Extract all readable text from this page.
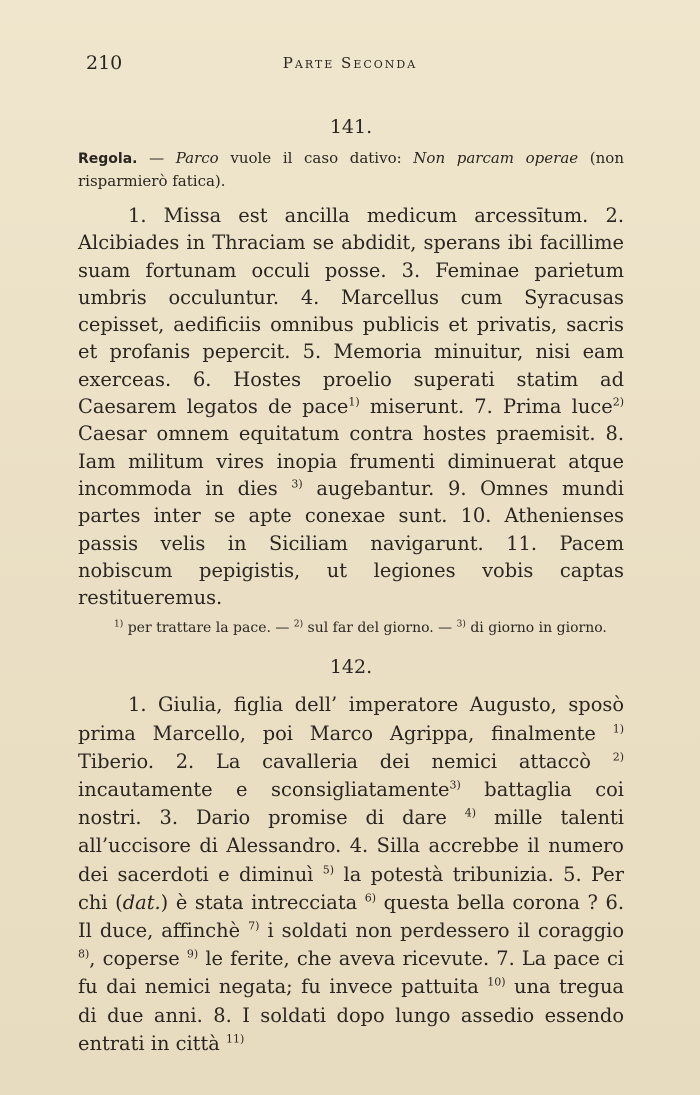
210	Parte Seconda
141.

Regola. — Parco vuole il caso dativo: Non parcam operae (non risparmierò fatica).

1. Missa est ancilla medicum arcessītum. 2. Alcibiades in Thraciam se abdidit, sperans ibi facillime suam fortunam occuli posse. 3. Feminae parietum umbris occuluntur. 4. Marcellus cum Syracusas cepisset, aedificiis omnibus publicis et privatis, sacris et profanis pepercit. 5. Memoria minuitur, nisi eam exerceas. 6. Hostes proelio superati statim ad Caesarem legatos de pace$^{1)}$ miserunt. 7. Prima luce$^{2)}$ Caesar omnem equitatum contra hostes praemisit. 8. Iam militum vires inopia frumenti diminuerat atque incommoda in dies $^{3)}$ augebantur. 9. Omnes mundi partes inter se apte conexae sunt. 10. Athenienses passis velis in Siciliam navigarunt. 11. Pacem nobiscum pepigistis, ut legiones vobis captas restitueremus.

$^{1)}$ per trattare la pace. — $^{2)}$ sul far del giorno. — $^{3)}$ di giorno in giorno.

142.

1. Giulia, figlia dell’ imperatore Augusto, sposò prima Marcello, poi Marco Agrippa, finalmente $^{1)}$ Tiberio. 2. La cavalleria dei nemici attaccò $^{2)}$ incautamente e sconsigliatamente$^{3)}$ battaglia coi nostri. 3. Dario promise di dare $^{4)}$ mille talenti all’uccisore di Alessandro. 4. Silla accrebbe il numero dei sacerdoti e diminuì $^{5)}$ la potestà tribunizia. 5. Per chi (dat.) è stata intrecciata $^{6)}$ questa bella corona ? 6. Il duce, affinchè $^{7)}$ i soldati non perdessero il coraggio $^{8)}$, coperse $^{9)}$ le ferite, che aveva ricevute. 7. La pace ci fu dai nemici negata; fu invece pattuita $^{10)}$ una tregua di due anni. 8. I soldati dopo lungo assedio essendo entrati in città $^{11)}$
